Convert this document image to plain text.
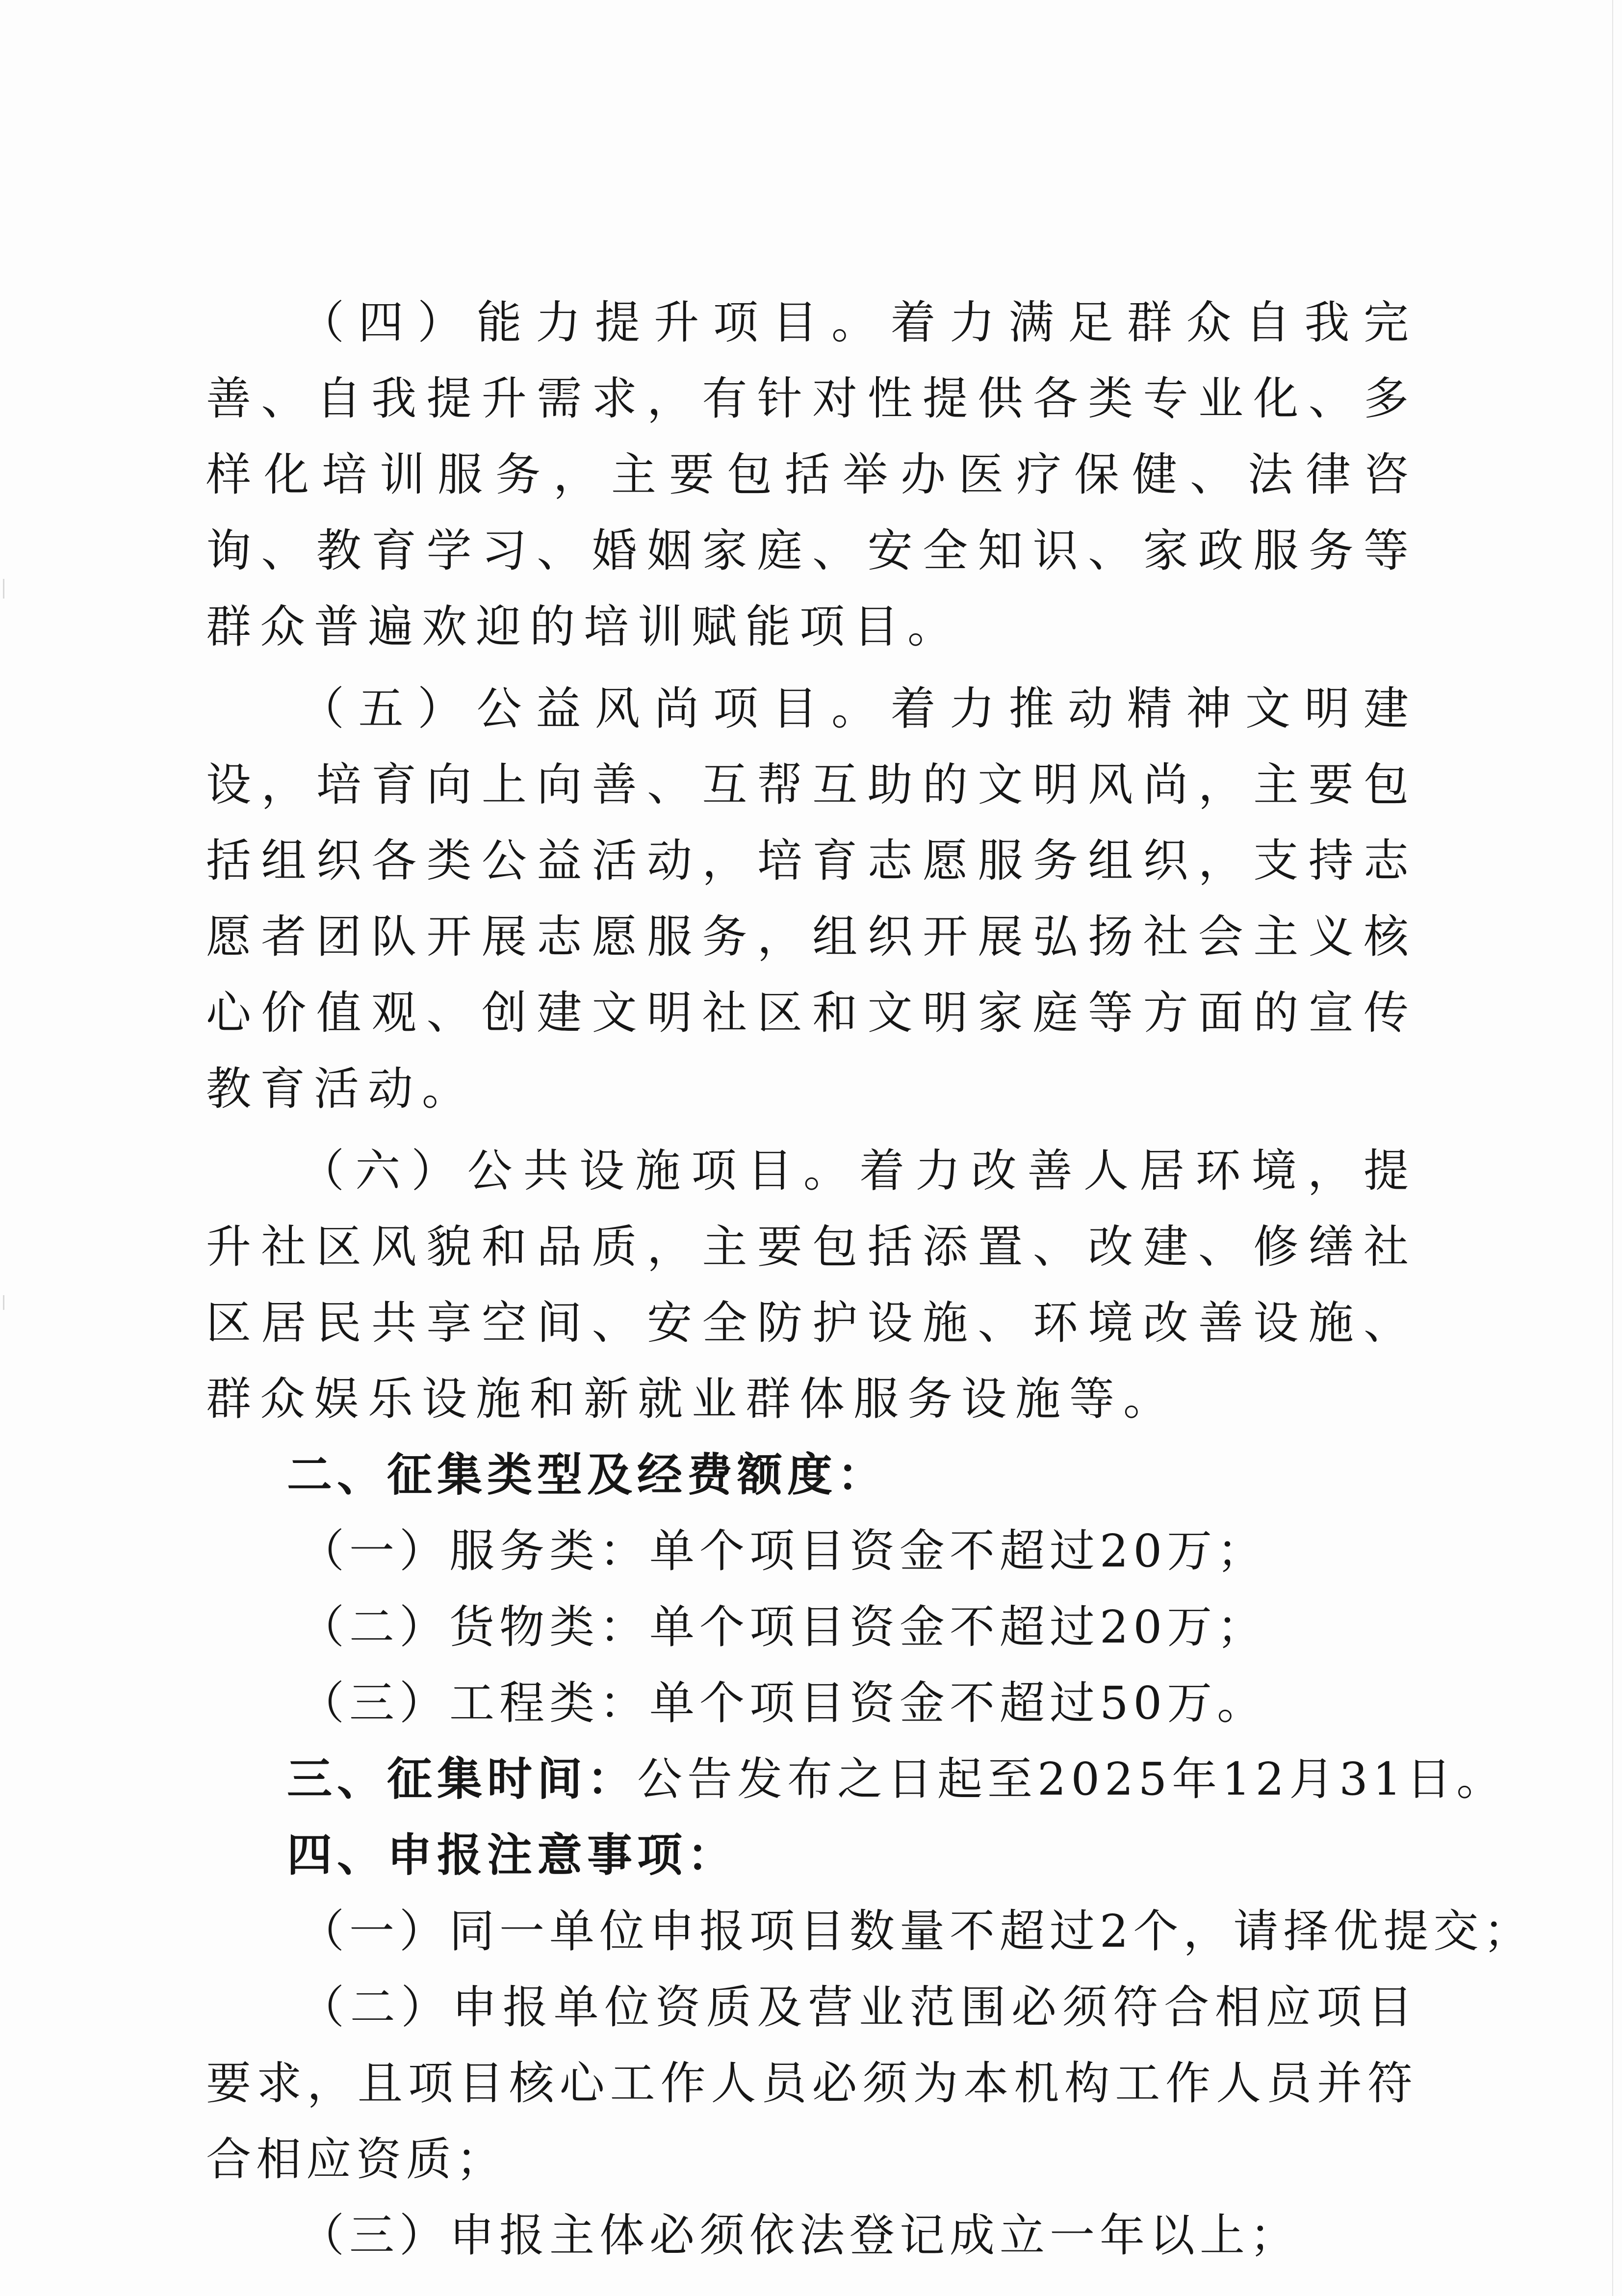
（四）能力提升项目。着力满足群众自我完善、自我提升需求，有针对性提供各类专业化、多样化培训服务，主要包括举办医疗保健、法律咨询、教育学习、婚姻家庭、安全知识、家政服务等群众普遍欢迎的培训赋能项目。

（五）公益风尚项目。着力推动精神文明建设，培育向上向善、互帮互助的文明风尚，主要包括组织各类公益活动，培育志愿服务组织，支持志愿者团队开展志愿服务，组织开展弘扬社会主义核心价值观、创建文明社区和文明家庭等方面的宣传教育活动。

（六）公共设施项目。着力改善人居环境，提升社区风貌和品质，主要包括添置、改建、修缮社区居民共享空间、安全防护设施、环境改善设施、群众娱乐设施和新就业群体服务设施等。

二、征集类型及经费额度：

（一）服务类：单个项目资金不超过20万；

（二）货物类：单个项目资金不超过20万；

（三）工程类：单个项目资金不超过50万。

三、征集时间：公告发布之日起至2025年12月31日。

四、申报注意事项：

（一）同一单位申报项目数量不超过2个，请择优提交；

（二）申报单位资质及营业范围必须符合相应项目要求，且项目核心工作人员必须为本机构工作人员并符合相应资质；

（三）申报主体必须依法登记成立一年以上；
